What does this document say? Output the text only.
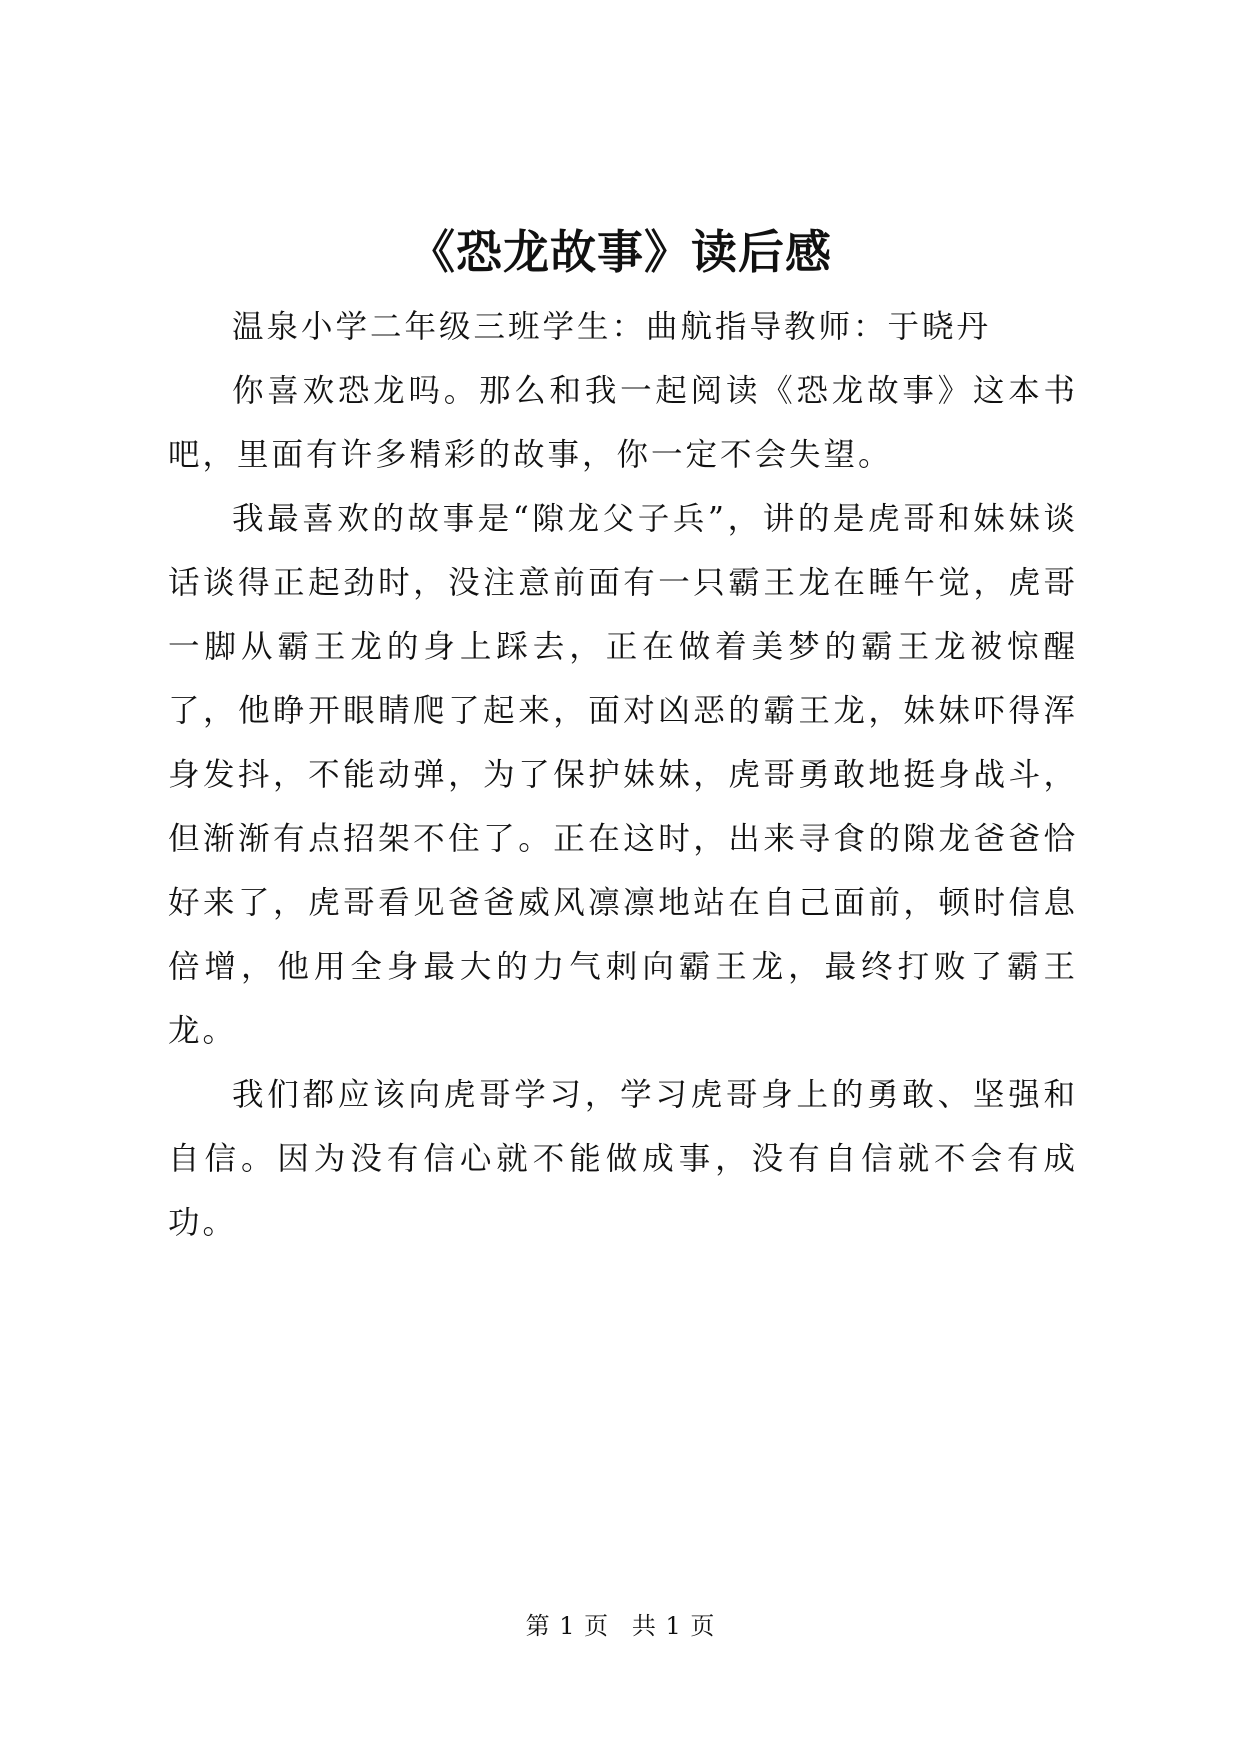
《恐龙故事》读后感

温泉小学二年级三班学生：曲航指导教师：于晓丹

你喜欢恐龙吗。那么和我一起阅读《恐龙故事》这本书吧，里面有许多精彩的故事，你一定不会失望。

我最喜欢的故事是“隙龙父子兵”，讲的是虎哥和妹妹谈话谈得正起劲时，没注意前面有一只霸王龙在睡午觉，虎哥一脚从霸王龙的身上踩去，正在做着美梦的霸王龙被惊醒了，他睁开眼睛爬了起来，面对凶恶的霸王龙，妹妹吓得浑身发抖，不能动弹，为了保护妹妹，虎哥勇敢地挺身战斗，但渐渐有点招架不住了。正在这时，出来寻食的隙龙爸爸恰好来了，虎哥看见爸爸威风凛凛地站在自己面前，顿时信息倍增，他用全身最大的力气刺向霸王龙，最终打败了霸王龙。

我们都应该向虎哥学习，学习虎哥身上的勇敢、坚强和自信。因为没有信心就不能做成事，没有自信就不会有成功。

第 1 页 共 1 页
